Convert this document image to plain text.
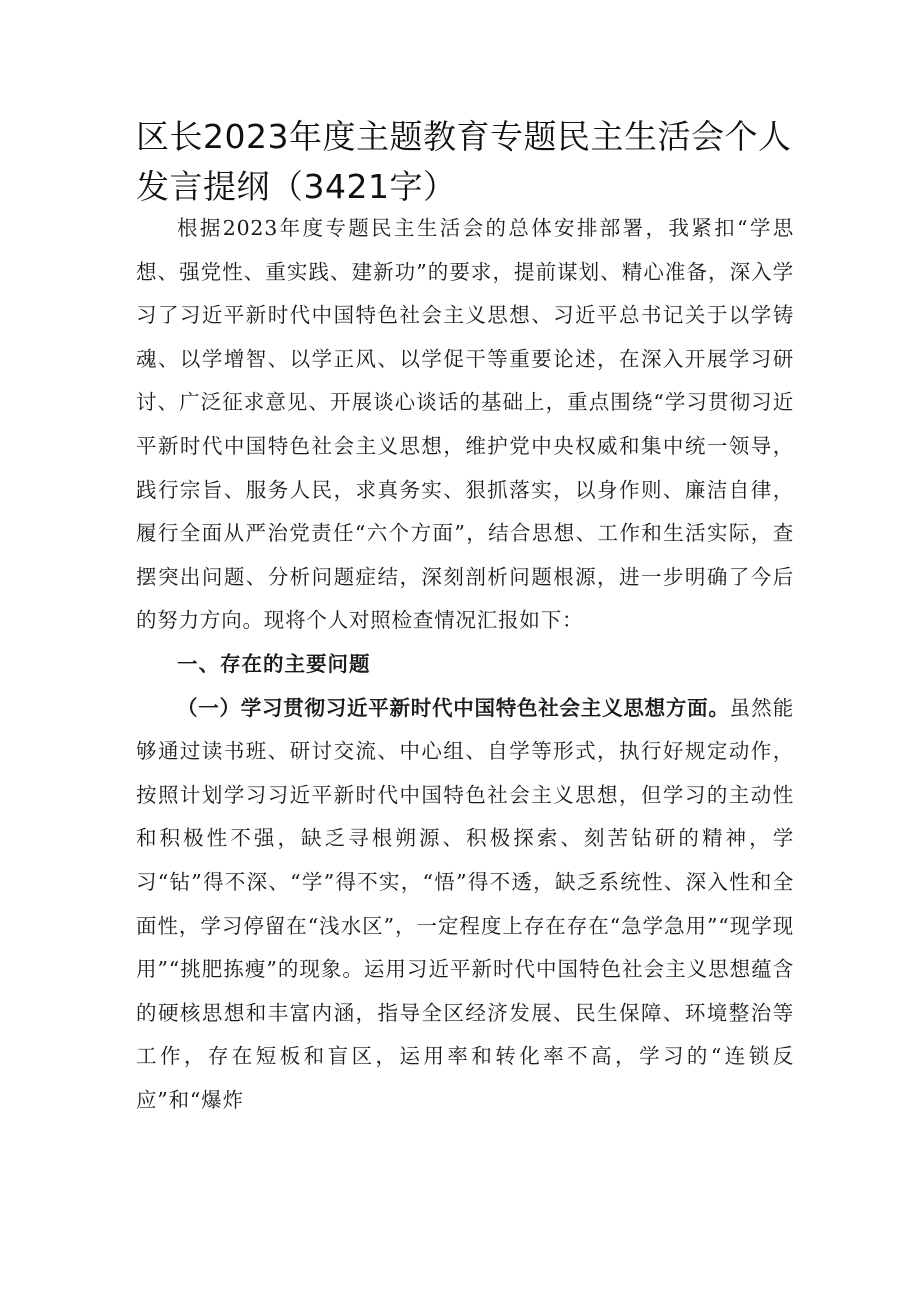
区长2023年度主题教育专题民主生活会个人发言提纲（3421字）

根据2023年度专题民主生活会的总体安排部署，我紧扣“学思想、强党性、重实践、建新功”的要求，提前谋划、精心准备，深入学习了习近平新时代中国特色社会主义思想、习近平总书记关于以学铸魂、以学增智、以学正风、以学促干等重要论述，在深入开展学习研讨、广泛征求意见、开展谈心谈话的基础上，重点围绕“学习贯彻习近平新时代中国特色社会主义思想，维护党中央权威和集中统一领导，践行宗旨、服务人民，求真务实、狠抓落实，以身作则、廉洁自律，履行全面从严治党责任“六个方面”，结合思想、工作和生活实际，查摆突出问题、分析问题症结，深刻剖析问题根源，进一步明确了今后的努力方向。现将个人对照检查情况汇报如下：

一、存在的主要问题

（一）学习贯彻习近平新时代中国特色社会主义思想方面。虽然能够通过读书班、研讨交流、中心组、自学等形式，执行好规定动作，按照计划学习习近平新时代中国特色社会主义思想，但学习的主动性和积极性不强，缺乏寻根朔源、积极探索、刻苦钻研的精神，学习“钻”得不深、“学”得不实，“悟”得不透，缺乏系统性、深入性和全面性，学习停留在“浅水区”，一定程度上存在存在“急学急用”“现学现用”“挑肥拣瘦”的现象。运用习近平新时代中国特色社会主义思想蕴含的硬核思想和丰富内涵，指导全区经济发展、民生保障、环境整治等工作，存在短板和盲区，运用率和转化率不高，学习的“连锁反应”和“爆炸
